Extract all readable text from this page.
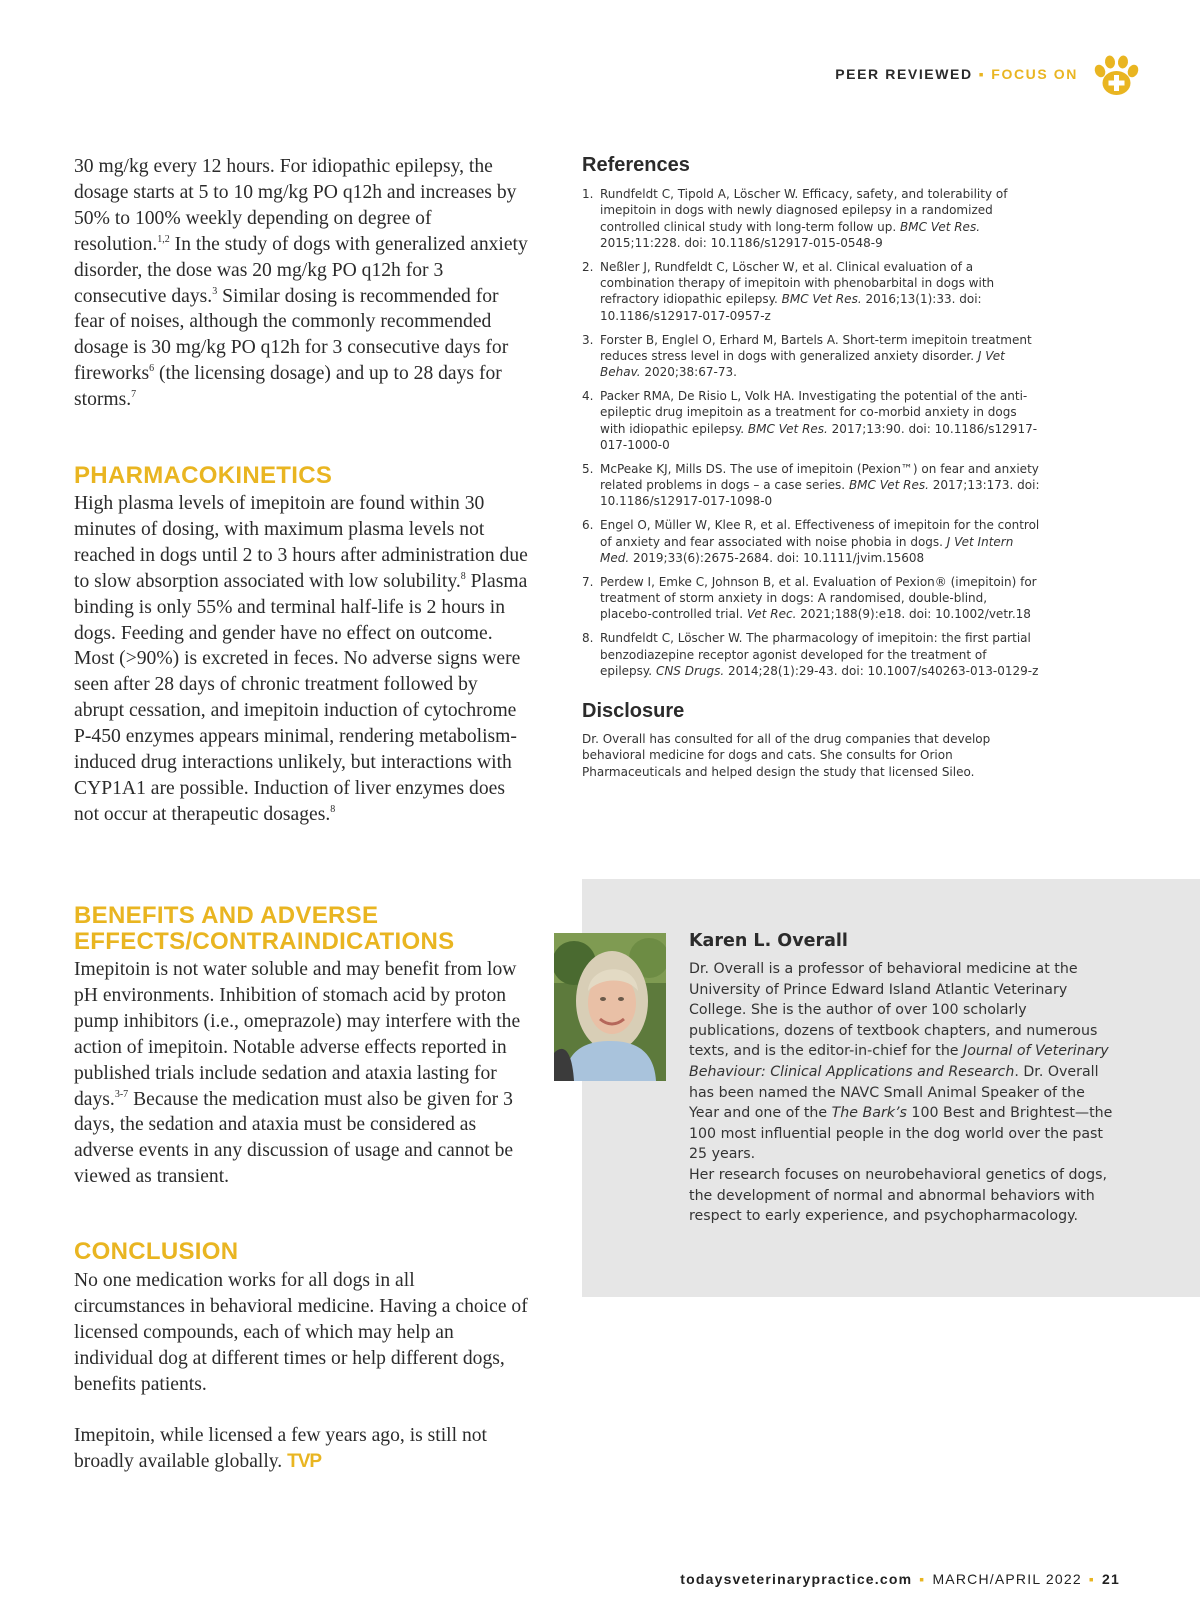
PEER REVIEWED ▪ FOCUS ON

30 mg/kg every 12 hours. For idiopathic epilepsy, the dosage starts at 5 to 10 mg/kg PO q12h and increases by 50% to 100% weekly depending on degree of resolution.$^{1,2}$ In the study of dogs with generalized anxiety disorder, the dose was 20 mg/kg PO q12h for 3 consecutive days.$^3$ Similar dosing is recommended for fear of noises, although the commonly recommended dosage is 30 mg/kg PO q12h for 3 consecutive days for fireworks$^6$ (the licensing dosage) and up to 28 days for storms.$^7$

PHARMACOKINETICS

High plasma levels of imepitoin are found within 30 minutes of dosing, with maximum plasma levels not reached in dogs until 2 to 3 hours after administration due to slow absorption associated with low solubility.$^8$ Plasma binding is only 55% and terminal half-life is 2 hours in dogs. Feeding and gender have no effect on outcome. Most (>90%) is excreted in feces. No adverse signs were seen after 28 days of chronic treatment followed by abrupt cessation, and imepitoin induction of cytochrome P-450 enzymes appears minimal, rendering metabolism-induced drug interactions unlikely, but interactions with CYP1A1 are possible. Induction of liver enzymes does not occur at therapeutic dosages.$^8$

BENEFITS AND ADVERSE
EFFECTS/CONTRAINDICATIONS

Imepitoin is not water soluble and may benefit from low pH environments. Inhibition of stomach acid by proton pump inhibitors (i.e., omeprazole) may interfere with the action of imepitoin. Notable adverse effects reported in published trials include sedation and ataxia lasting for days.$^{3-7}$ Because the medication must also be given for 3 days, the sedation and ataxia must be considered as adverse events in any discussion of usage and cannot be viewed as transient.

CONCLUSION

No one medication works for all dogs in all circumstances in behavioral medicine. Having a choice of licensed compounds, each of which may help an individual dog at different times or help different dogs, benefits patients.

Imepitoin, while licensed a few years ago, is still not broadly available globally. TVP

References
1. Rundfeldt C, Tipold A, Löscher W. Efficacy, safety, and tolerability of imepitoin in dogs with newly diagnosed epilepsy in a randomized controlled clinical study with long-term follow up. BMC Vet Res. 2015;11:228. doi: 10.1186/s12917-015-0548-9
2. Neßler J, Rundfeldt C, Löscher W, et al. Clinical evaluation of a combination therapy of imepitoin with phenobarbital in dogs with refractory idiopathic epilepsy. BMC Vet Res. 2016;13(1):33. doi: 10.1186/s12917-017-0957-z
3. Forster B, Englel O, Erhard M, Bartels A. Short-term imepitoin treatment reduces stress level in dogs with generalized anxiety disorder. J Vet Behav. 2020;38:67-73.
4. Packer RMA, De Risio L, Volk HA. Investigating the potential of the anti-epileptic drug imepitoin as a treatment for co-morbid anxiety in dogs with idiopathic epilepsy. BMC Vet Res. 2017;13:90. doi: 10.1186/s12917-017-1000-0
5. McPeake KJ, Mills DS. The use of imepitoin (Pexion™) on fear and anxiety related problems in dogs – a case series. BMC Vet Res. 2017;13:173. doi: 10.1186/s12917-017-1098-0
6. Engel O, Müller W, Klee R, et al. Effectiveness of imepitoin for the control of anxiety and fear associated with noise phobia in dogs. J Vet Intern Med. 2019;33(6):2675-2684. doi: 10.1111/jvim.15608
7. Perdew I, Emke C, Johnson B, et al. Evaluation of Pexion® (imepitoin) for treatment of storm anxiety in dogs: A randomised, double-blind, placebo-controlled trial. Vet Rec. 2021;188(9):e18. doi: 10.1002/vetr.18
8. Rundfeldt C, Löscher W. The pharmacology of imepitoin: the first partial benzodiazepine receptor agonist developed for the treatment of epilepsy. CNS Drugs. 2014;28(1):29-43. doi: 10.1007/s40263-013-0129-z
Disclosure
Dr. Overall has consulted for all of the drug companies that develop behavioral medicine for dogs and cats. She consults for Orion Pharmaceuticals and helped design the study that licensed Sileo.
Karen L. Overall
Dr. Overall is a professor of behavioral medicine at the University of Prince Edward Island Atlantic Veterinary College. She is the author of over 100 scholarly publications, dozens of textbook chapters, and numerous texts, and is the editor-in-chief for the Journal of Veterinary Behaviour: Clinical Applications and Research. Dr. Overall has been named the NAVC Small Animal Speaker of the Year and one of the The Bark’s 100 Best and Brightest—the 100 most influential people in the dog world over the past 25 years.
Her research focuses on neurobehavioral genetics of dogs, the development of normal and abnormal behaviors with respect to early experience, and psychopharmacology.
todaysveterinarypractice.com ▪ MARCH/APRIL 2022 ▪ 21
